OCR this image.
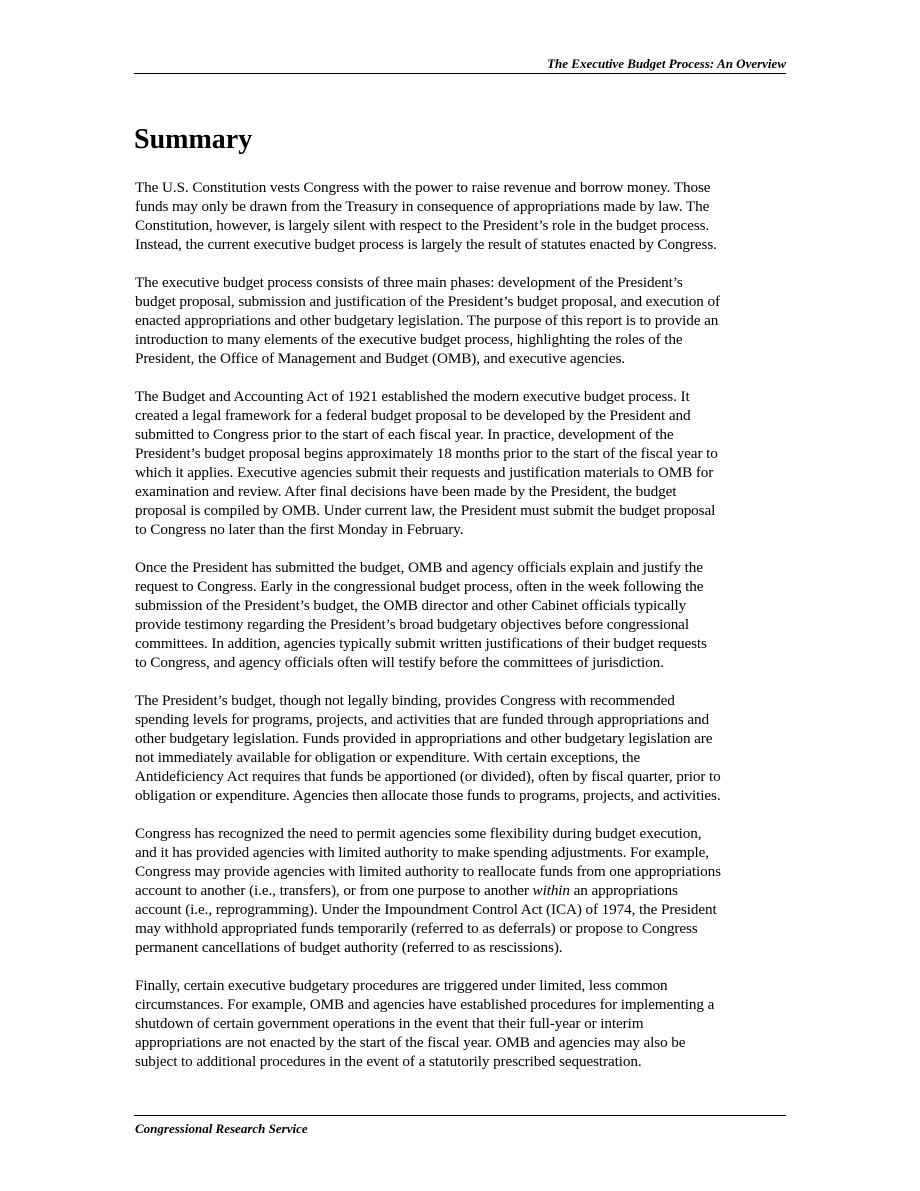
The Executive Budget Process: An Overview
Summary

The U.S. Constitution vests Congress with the power to raise revenue and borrow money. Those
funds may only be drawn from the Treasury in consequence of appropriations made by law. The
Constitution, however, is largely silent with respect to the President’s role in the budget process.
Instead, the current executive budget process is largely the result of statutes enacted by Congress.

The executive budget process consists of three main phases: development of the President’s
budget proposal, submission and justification of the President’s budget proposal, and execution of
enacted appropriations and other budgetary legislation. The purpose of this report is to provide an
introduction to many elements of the executive budget process, highlighting the roles of the
President, the Office of Management and Budget (OMB), and executive agencies.

The Budget and Accounting Act of 1921 established the modern executive budget process. It
created a legal framework for a federal budget proposal to be developed by the President and
submitted to Congress prior to the start of each fiscal year. In practice, development of the
President’s budget proposal begins approximately 18 months prior to the start of the fiscal year to
which it applies. Executive agencies submit their requests and justification materials to OMB for
examination and review. After final decisions have been made by the President, the budget
proposal is compiled by OMB. Under current law, the President must submit the budget proposal
to Congress no later than the first Monday in February.

Once the President has submitted the budget, OMB and agency officials explain and justify the
request to Congress. Early in the congressional budget process, often in the week following the
submission of the President’s budget, the OMB director and other Cabinet officials typically
provide testimony regarding the President’s broad budgetary objectives before congressional
committees. In addition, agencies typically submit written justifications of their budget requests
to Congress, and agency officials often will testify before the committees of jurisdiction.

The President’s budget, though not legally binding, provides Congress with recommended
spending levels for programs, projects, and activities that are funded through appropriations and
other budgetary legislation. Funds provided in appropriations and other budgetary legislation are
not immediately available for obligation or expenditure. With certain exceptions, the
Antideficiency Act requires that funds be apportioned (or divided), often by fiscal quarter, prior to
obligation or expenditure. Agencies then allocate those funds to programs, projects, and activities.

Congress has recognized the need to permit agencies some flexibility during budget execution,
and it has provided agencies with limited authority to make spending adjustments. For example,
Congress may provide agencies with limited authority to reallocate funds from one appropriations
account to another (i.e., transfers), or from one purpose to another within an appropriations
account (i.e., reprogramming). Under the Impoundment Control Act (ICA) of 1974, the President
may withhold appropriated funds temporarily (referred to as deferrals) or propose to Congress
permanent cancellations of budget authority (referred to as rescissions).

Finally, certain executive budgetary procedures are triggered under limited, less common
circumstances. For example, OMB and agencies have established procedures for implementing a
shutdown of certain government operations in the event that their full-year or interim
appropriations are not enacted by the start of the fiscal year. OMB and agencies may also be
subject to additional procedures in the event of a statutorily prescribed sequestration.

Congressional Research Service
